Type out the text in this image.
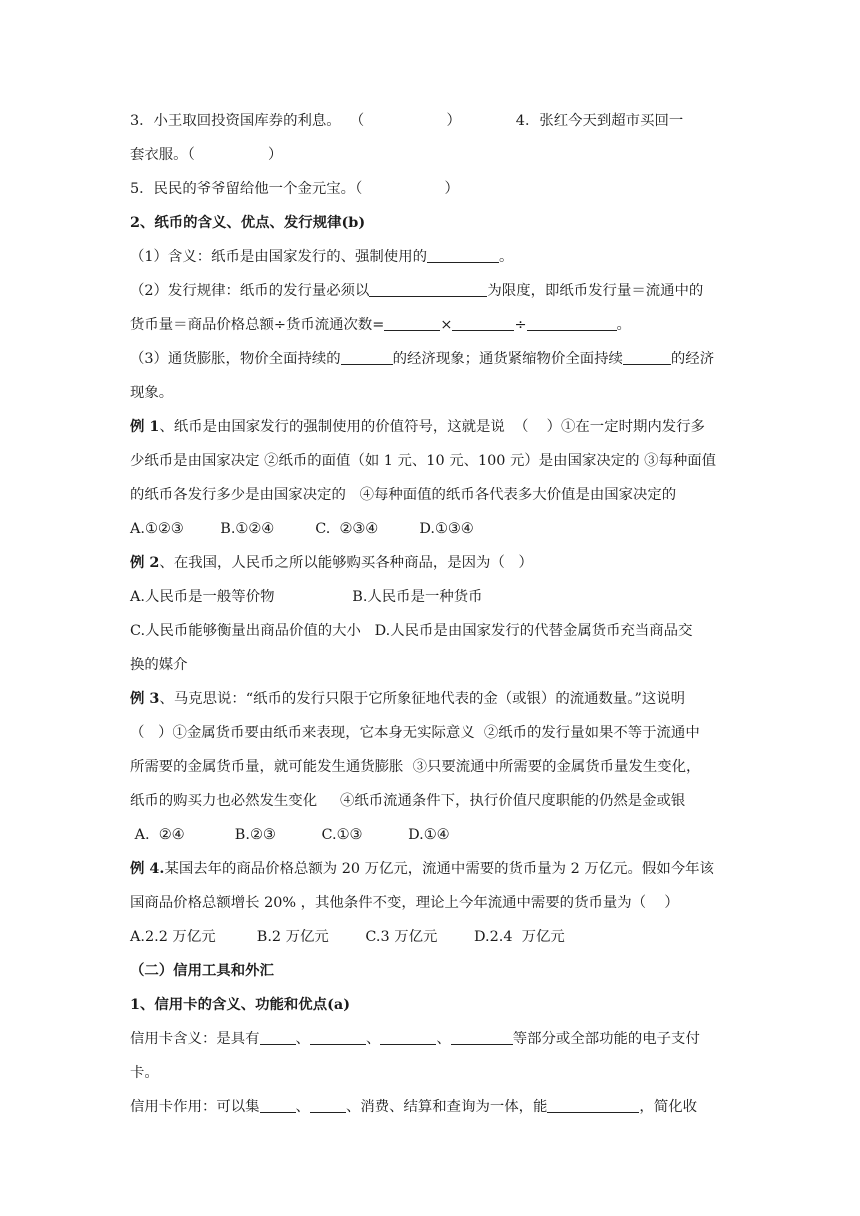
3．小王取回投资国库券的利息。  （                  ）            4．张红今天到超市买回一
套衣服。（                ）
5．民民的爷爷留给他一个金元宝。（                  ）
2、纸币的含义、优点、发行规律(b)
（1）含义：纸币是由国家发行的、强制使用的	。
（2）发行规律：纸币的发行量必须以	为限度，即纸币发行量＝流通中的
货币量＝商品价格总额÷货币流通次数=	×	÷	。
（3）通货膨胀，物价全面持续的	的经济现象；通货紧缩物价全面持续	的经济
现象。
例 1、纸币是由国家发行的强制使用的价值符号，这就是说  （    ）①在一定时期内发行多
少纸币是由国家决定 ②纸币的面值（如 1 元、10 元、100 元）是由国家决定的 ③每种面值
的纸币各发行多少是由国家决定的   ④每种面值的纸币各代表多大价值是由国家决定的
A.①②③        B.①②④         C.  ②③④         D.①③④
例 2、在我国，人民币之所以能够购买各种商品，是因为（   ）
A.人民币是一般等价物                 B.人民币是一种货币
C.人民币能够衡量出商品价值的大小   D.人民币是由国家发行的代替金属货币充当商品交
换的媒介
例 3、马克思说：“纸币的发行只限于它所象征地代表的金（或银）的流通数量。”这说明
（   ）①金属货币要由纸币来表现，它本身无实际意义  ②纸币的发行量如果不等于流通中
所需要的金属货币量，就可能发生通货膨胀  ③只要流通中所需要的金属货币量发生变化，
纸币的购买力也必然发生变化     ④纸币流通条件下，执行价值尺度职能的仍然是金或银
A.  ②④           B.②③          C.①③          D.①④
例 4.某国去年的商品价格总额为 20 万亿元，流通中需要的货币量为 2 万亿元。假如今年该
国商品价格总额增长 20% ，其他条件不变，理论上今年流通中需要的货币量为（    ）
A.2.2 万亿元         B.2 万亿元        C.3 万亿元        D.2.4  万亿元
（二）信用工具和外汇
1、信用卡的含义、功能和优点(a)
信用卡含义：是具有	、	、	、	等部分或全部功能的电子支付
卡。
信用卡作用：可以集	、	、消费、结算和查询为一体，能	，简化收
